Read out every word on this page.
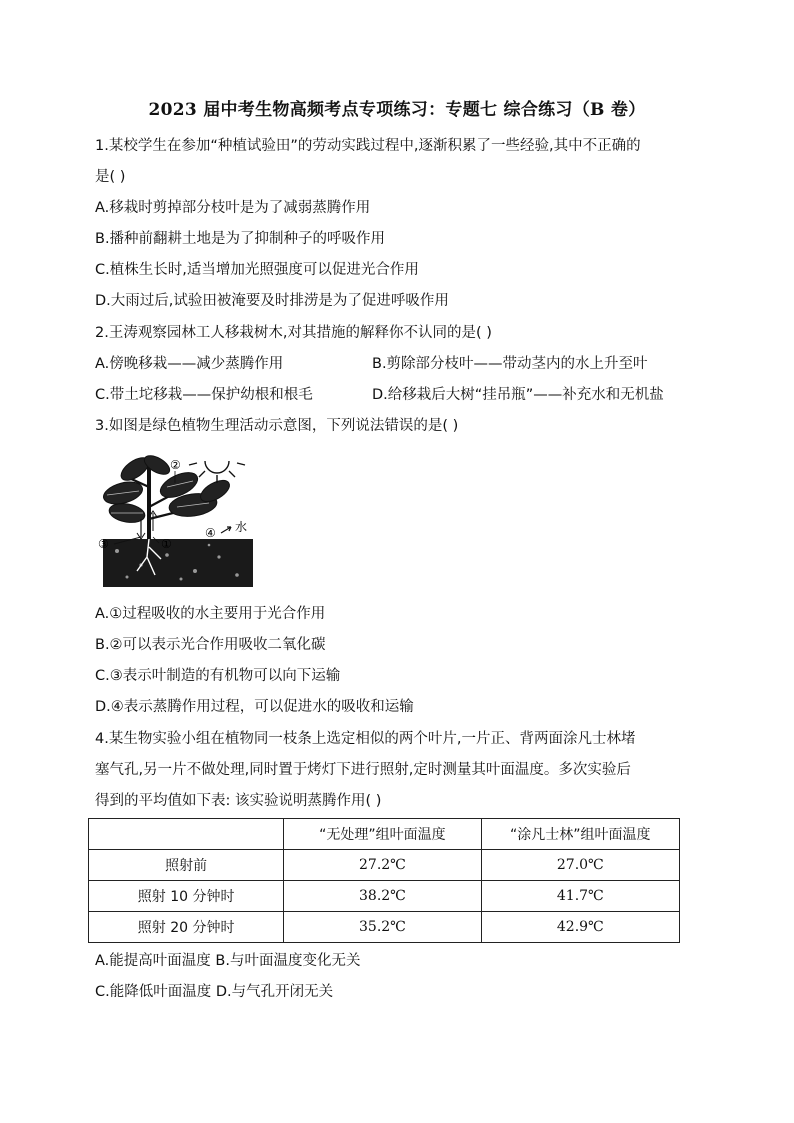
2023 届中考生物高频考点专项练习：专题七 综合练习（B 卷）
1.某校学生在参加“种植试验田”的劳动实践过程中,逐渐积累了一些经验,其中不正确的
是( )
A.移栽时剪掉部分枝叶是为了减弱蒸腾作用
B.播种前翻耕土地是为了抑制种子的呼吸作用
C.植株生长时,适当增加光照强度可以促进光合作用
D.大雨过后,试验田被淹要及时排涝是为了促进呼吸作用
2.王涛观察园林工人移栽树木,对其措施的解释你不认同的是( )
A.傍晚移栽——减少蒸腾作用	B.剪除部分枝叶——带动茎内的水上升至叶
C.带土坨移栽——保护幼根和根毛	D.给移栽后大树“挂吊瓶”——补充水和无机盐
3.如图是绿色植物生理活动示意图，下列说法错误的是( )
②
④ 水
③	①
A.①过程吸收的水主要用于光合作用
B.②可以表示光合作用吸收二氧化碳
C.③表示叶制造的有机物可以向下运输
D.④表示蒸腾作用过程，可以促进水的吸收和运输
4.某生物实验小组在植物同一枝条上选定相似的两个叶片,一片正、背两面涂凡士林堵
塞气孔,另一片不做处理,同时置于烤灯下进行照射,定时测量其叶面温度。多次实验后
得到的平均值如下表: 该实验说明蒸腾作用( )
	“无处理”组叶面温度	“涂凡士林”组叶面温度
照射前	27.2℃	27.0℃
照射 10 分钟时	38.2℃	41.7℃
照射 20 分钟时	35.2℃	42.9℃
A.能提高叶面温度 B.与叶面温度变化无关
C.能降低叶面温度 D.与气孔开闭无关
